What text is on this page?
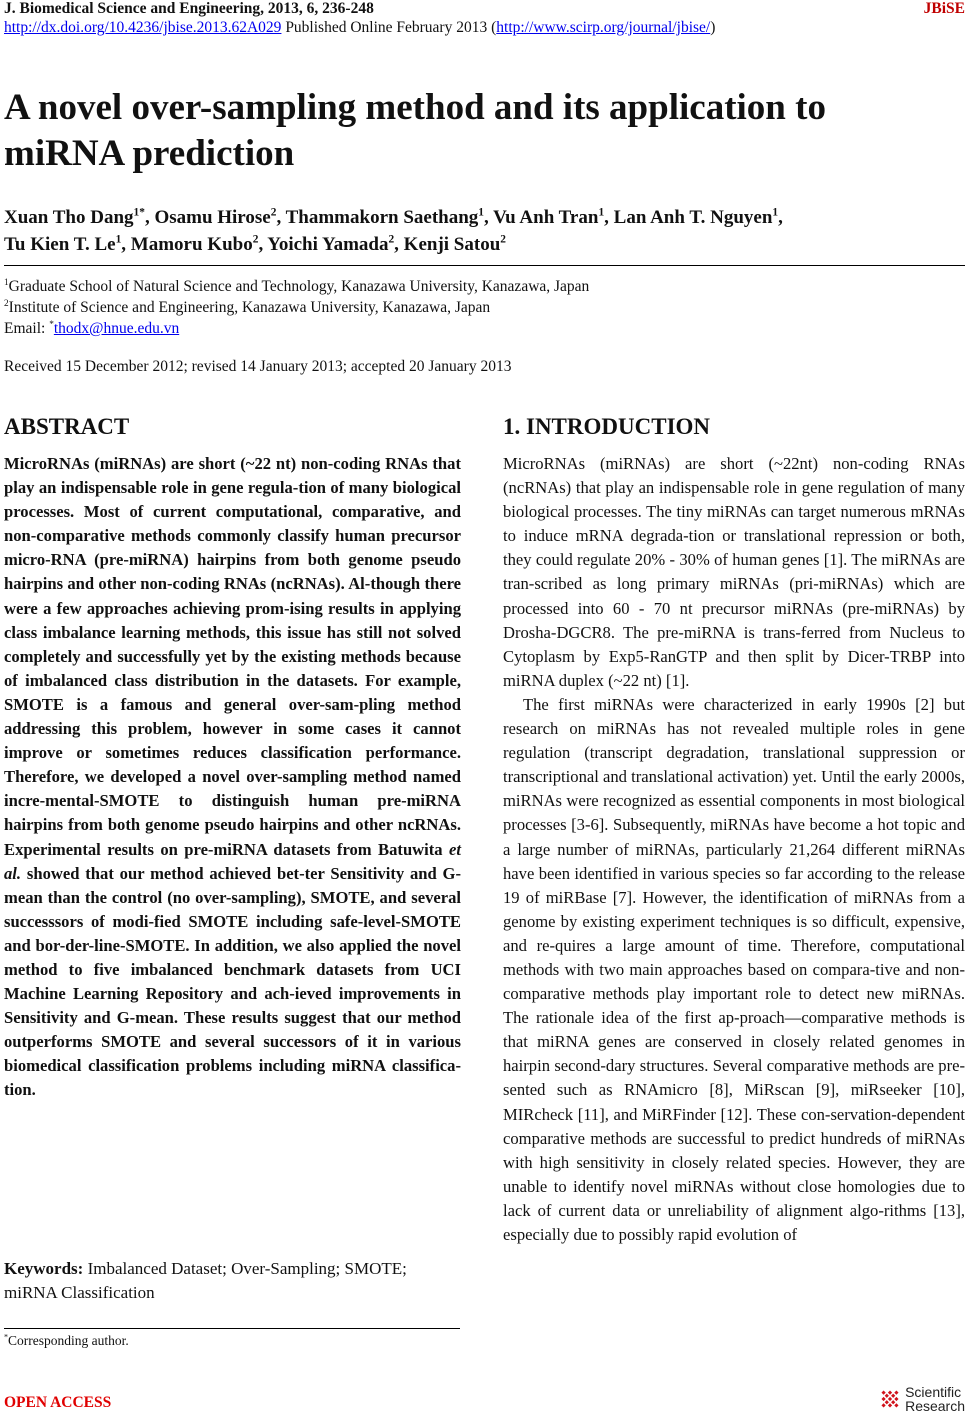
J. Biomedical Science and Engineering, 2013, 6, 236-248	JBiSE
http://dx.doi.org/10.4236/jbise.2013.62A029 Published Online February 2013 (http://www.scirp.org/journal/jbise/)
A novel over-sampling method and its application to
miRNA prediction
Xuan Tho Dang$^{1*}$, Osamu Hirose$^2$, Thammakorn Saethang$^1$, Vu Anh Tran$^1$, Lan Anh T. Nguyen$^1$,
Tu Kien T. Le$^1$, Mamoru Kubo$^2$, Yoichi Yamada$^2$, Kenji Satou$^2$
$^1$Graduate School of Natural Science and Technology, Kanazawa University, Kanazawa, Japan
$^2$Institute of Science and Engineering, Kanazawa University, Kanazawa, Japan
Email: *thodx@hnue.edu.vn
Received 15 December 2012; revised 14 January 2013; accepted 20 January 2013
ABSTRACT
MicroRNAs (miRNAs) are short (~22 nt) non-coding RNAs that play an indispensable role in gene regula-tion of many biological processes. Most of current computational, comparative, and non-comparative methods commonly classify human precursor micro-RNA (pre-miRNA) hairpins from both genome pseudo hairpins and other non-coding RNAs (ncRNAs). Al-though there were a few approaches achieving prom-ising results in applying class imbalance learning methods, this issue has still not solved completely and successfully yet by the existing methods because of imbalanced class distribution in the datasets. For example, SMOTE is a famous and general over-sam-pling method addressing this problem, however in some cases it cannot improve or sometimes reduces classification performance. Therefore, we developed a novel over-sampling method named incre-mental-SMOTE to distinguish human pre-miRNA hairpins from both genome pseudo hairpins and other ncRNAs. Experimental results on pre-miRNA datasets from Batuwita et al. showed that our method achieved bet-ter Sensitivity and G-mean than the control (no over-sampling), SMOTE, and several successsors of modi-fied SMOTE including safe-level-SMOTE and bor-der-line-SMOTE. In addition, we also applied the novel method to five imbalanced benchmark datasets from UCI Machine Learning Repository and ach-ieved improvements in Sensitivity and G-mean. These results suggest that our method outperforms SMOTE and several successors of it in various biomedical classification problems including miRNA classifica-tion.
Keywords: Imbalanced Dataset; Over-Sampling; SMOTE; miRNA Classification
*Corresponding author.
1. INTRODUCTION

MicroRNAs (miRNAs) are short (~22nt) non-coding RNAs (ncRNAs) that play an indispensable role in gene regulation of many biological processes. The tiny miRNAs can target numerous mRNAs to induce mRNA degrada-tion or translational repression or both, they could regulate 20% - 30% of human genes [1]. The miRNAs are tran-scribed as long primary miRNAs (pri-miRNAs) which are processed into 60 - 70 nt precursor miRNAs (pre-miRNAs) by Drosha-DGCR8. The pre-miRNA is trans-ferred from Nucleus to Cytoplasm by Exp5-RanGTP and then split by Dicer-TRBP into miRNA duplex (~22 nt) [1].

The first miRNAs were characterized in early 1990s [2] but research on miRNAs has not revealed multiple roles in gene regulation (transcript degradation, translational suppression or transcriptional and translational activation) yet. Until the early 2000s, miRNAs were recognized as essential components in most biological processes [3-6]. Subsequently, miRNAs have become a hot topic and a large number of miRNAs, particularly 21,264 different miRNAs have been identified in various species so far according to the release 19 of miRBase [7]. However, the identification of miRNAs from a genome by existing experiment techniques is so difficult, expensive, and re-quires a large amount of time. Therefore, computational methods with two main approaches based on compara-tive and non-comparative methods play important role to detect new miRNAs. The rationale idea of the first ap-proach—comparative methods is that miRNA genes are conserved in closely related genomes in hairpin second-dary structures. Several comparative methods are pre-sented such as RNAmicro [8], MiRscan [9], miRseeker [10], MIRcheck [11], and MiRFinder [12]. These con-servation-dependent comparative methods are successful to predict hundreds of miRNAs with high sensitivity in closely related species. However, they are unable to identify novel miRNAs without close homologies due to lack of current data or unreliability of alignment algo-rithms [13], especially due to possibly rapid evolution of

OPEN ACCESS
Scientific
Research
